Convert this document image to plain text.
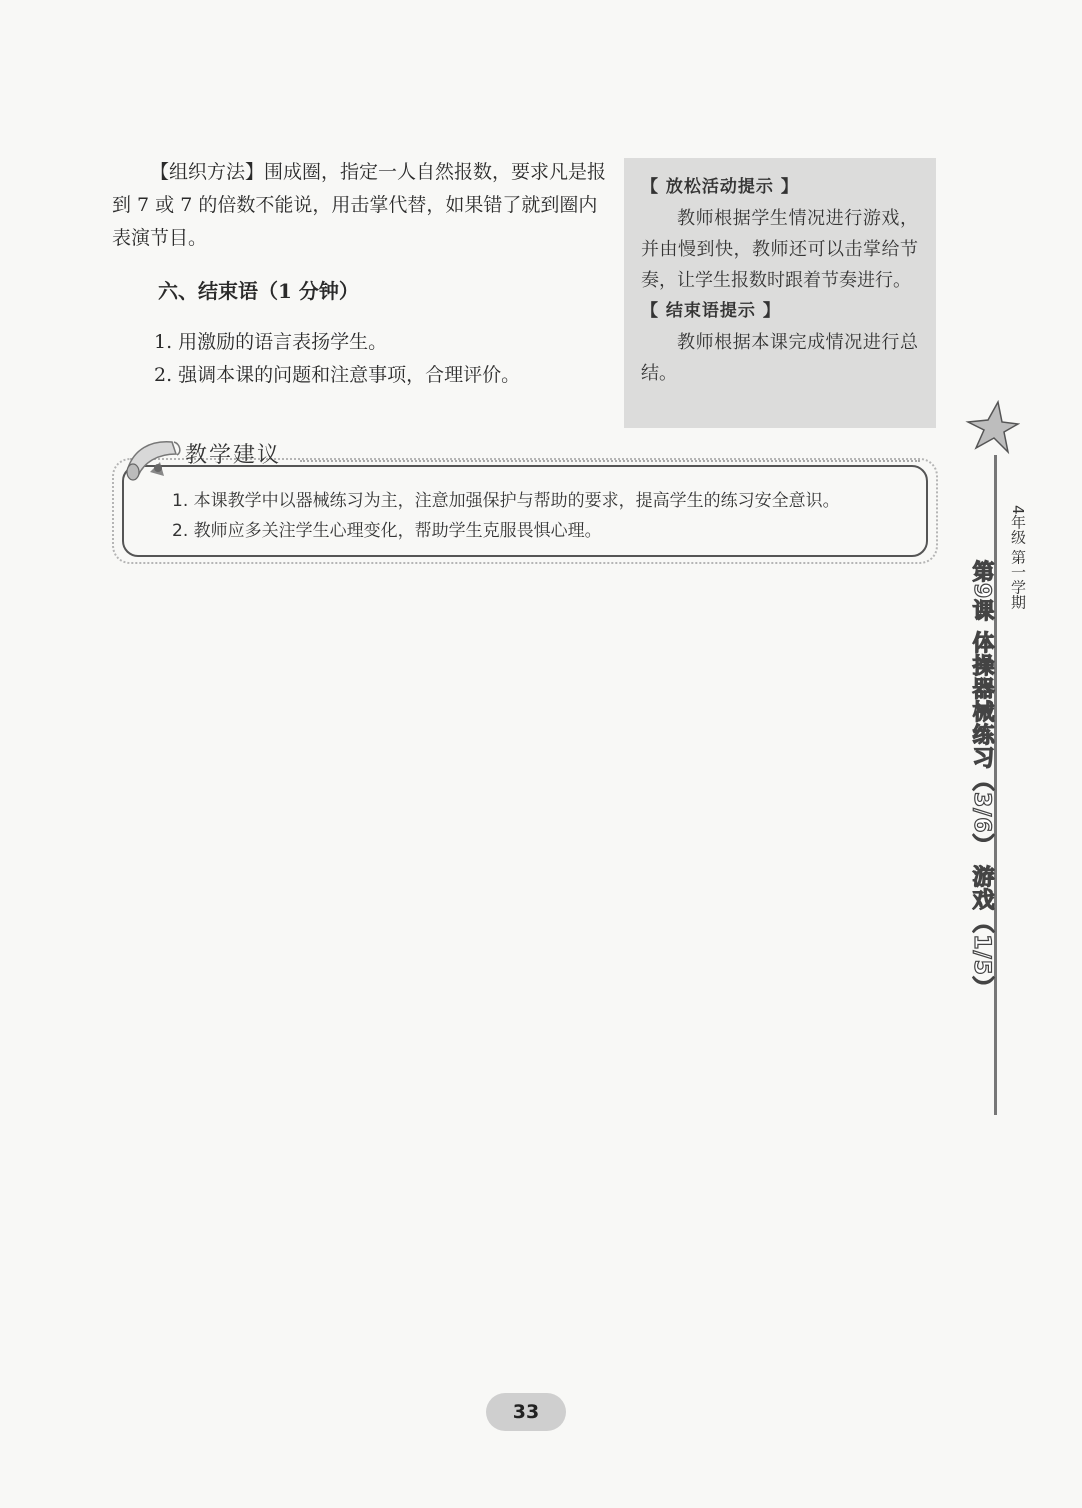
【组织方法】围成圈，指定一人自然报数，要求凡是报到 7 或 7 的倍数不能说，用击掌代替，如果错了就到圈内表演节目。

六、结束语（1 分钟）

1. 用激励的语言表扬学生。

2. 强调本课的问题和注意事项，合理评价。

【 放松活动提示 】

教师根据学生情况进行游戏，并由慢到快，教师还可以击掌给节奏，让学生报数时跟着节奏进行。

【 结束语提示 】

教师根据本课完成情况进行总结。

教学建议

1. 本课教学中以器械练习为主，注意加强保护与帮助的要求，提高学生的练习安全意识。

2. 教师应多关注学生心理变化，帮助学生克服畏惧心理。	4年级 第一学期
第9课 体操器械练习（3/6） 游戏（1/5）
33
